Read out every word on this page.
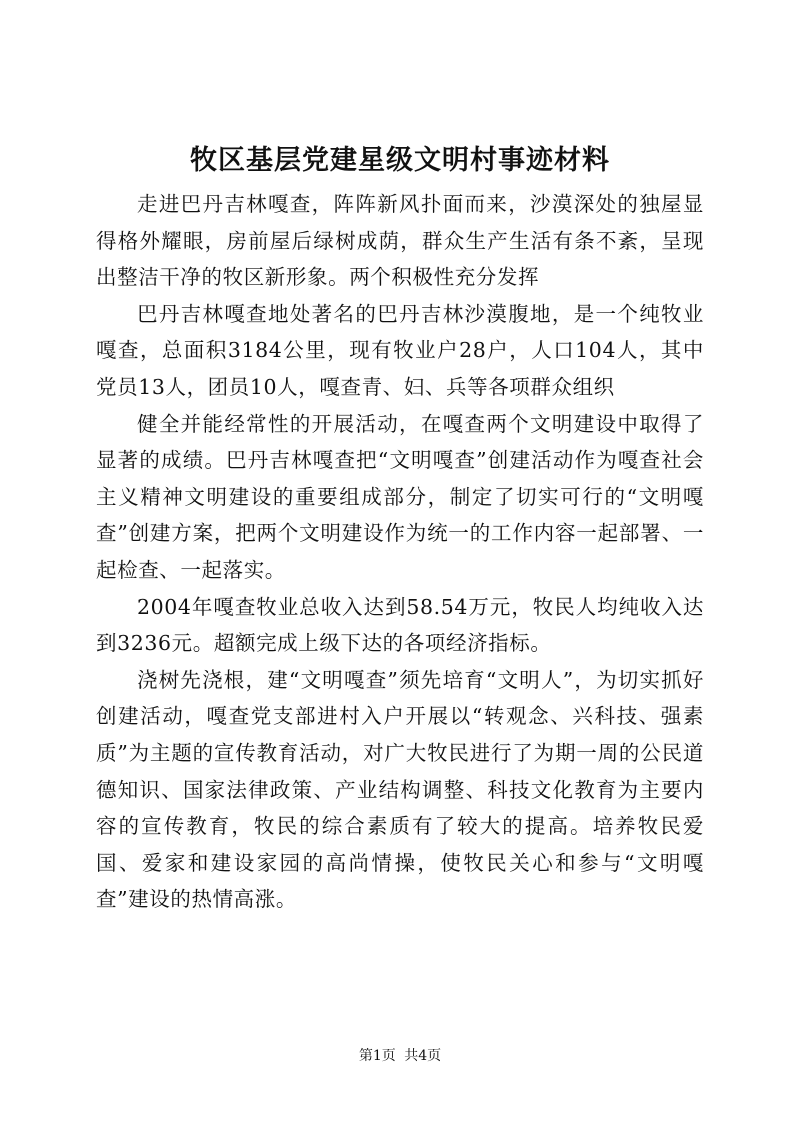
牧区基层党建星级文明村事迹材料

走进巴丹吉林嘎查，阵阵新风扑面而来，沙漠深处的独屋显得格外耀眼，房前屋后绿树成荫，群众生产生活有条不紊，呈现出整洁干净的牧区新形象。两个积极性充分发挥

巴丹吉林嘎查地处著名的巴丹吉林沙漠腹地，是一个纯牧业嘎查，总面积3184公里，现有牧业户28户，人口104人，其中党员13人，团员10人，嘎查青、妇、兵等各项群众组织

健全并能经常性的开展活动，在嘎查两个文明建设中取得了显著的成绩。巴丹吉林嘎查把“文明嘎查”创建活动作为嘎查社会主义精神文明建设的重要组成部分，制定了切实可行的“文明嘎查”创建方案，把两个文明建设作为统一的工作内容一起部署、一起检查、一起落实。

2004年嘎查牧业总收入达到58.54万元，牧民人均纯收入达到3236元。超额完成上级下达的各项经济指标。

浇树先浇根，建“文明嘎查”须先培育“文明人”，为切实抓好创建活动，嘎查党支部进村入户开展以“转观念、兴科技、强素质”为主题的宣传教育活动，对广大牧民进行了为期一周的公民道德知识、国家法律政策、产业结构调整、科技文化教育为主要内容的宣传教育，牧民的综合素质有了较大的提高。培养牧民爱国、爱家和建设家园的高尚情操，使牧民关心和参与“文明嘎查”建设的热情高涨。

第1页 共4页
